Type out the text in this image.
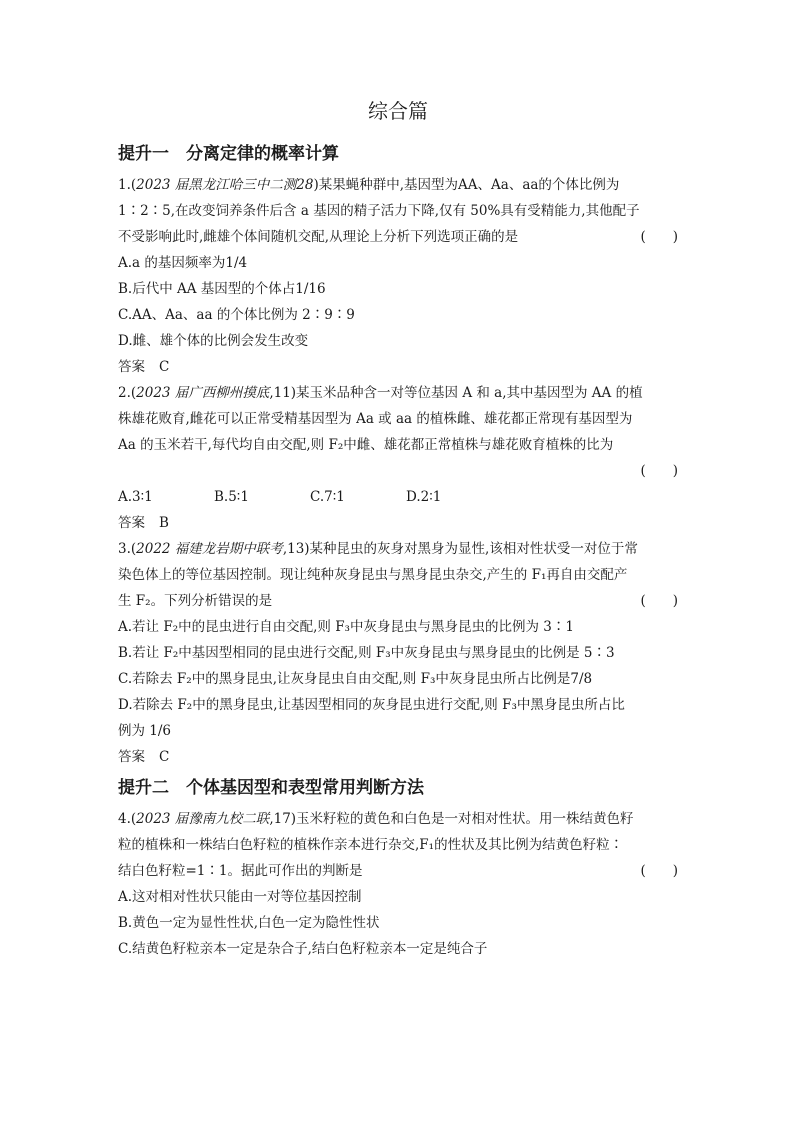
综合篇
提升一　分离定律的概率计算
1.(2023 届黑龙江哈三中二测28)某果蝇种群中,基因型为AA、Aa、aa的个体比例为
1∶2∶5,在改变饲养条件后含 a 基因的精子活力下降,仅有 50%具有受精能力,其他配子
不受影响此时,雌雄个体间随机交配,从理论上分析下列选项正确的是	(　　)
A.a 的基因频率为1/4
B.后代中 AA 基因型的个体占1/16
C.AA、Aa、aa 的个体比例为 2∶9∶9
D.雌、雄个体的比例会发生改变
答案 C
2.(2023 届广西柳州摸底,11)某玉米品种含一对等位基因 A 和 a,其中基因型为 AA 的植
株雄花败育,雌花可以正常受精基因型为 Aa 或 aa 的植株雌、雄花都正常现有基因型为
Aa 的玉米若干,每代均自由交配,则 F₂中雌、雄花都正常植株与雄花败育植株的比为
(　　)
A.3∶1	B.5∶1	C.7∶1	D.2∶1
答案 B
3.(2022 福建龙岩期中联考,13)某种昆虫的灰身对黑身为显性,该相对性状受一对位于常
染色体上的等位基因控制。现让纯种灰身昆虫与黑身昆虫杂交,产生的 F₁再自由交配产
生 F₂。下列分析错误的是	(　　)
A.若让 F₂中的昆虫进行自由交配,则 F₃中灰身昆虫与黑身昆虫的比例为 3∶1
B.若让 F₂中基因型相同的昆虫进行交配,则 F₃中灰身昆虫与黑身昆虫的比例是 5∶3
C.若除去 F₂中的黑身昆虫,让灰身昆虫自由交配,则 F₃中灰身昆虫所占比例是7/8
D.若除去 F₂中的黑身昆虫,让基因型相同的灰身昆虫进行交配,则 F₃中黑身昆虫所占比
例为 1/6
答案 C
提升二　个体基因型和表型常用判断方法
4.(2023 届豫南九校二联,17)玉米籽粒的黄色和白色是一对相对性状。用一株结黄色籽
粒的植株和一株结白色籽粒的植株作亲本进行杂交,F₁的性状及其比例为结黄色籽粒∶
结白色籽粒=1∶1。据此可作出的判断是	(　　)
A.这对相对性状只能由一对等位基因控制
B.黄色一定为显性性状,白色一定为隐性性状
C.结黄色籽粒亲本一定是杂合子,结白色籽粒亲本一定是纯合子
